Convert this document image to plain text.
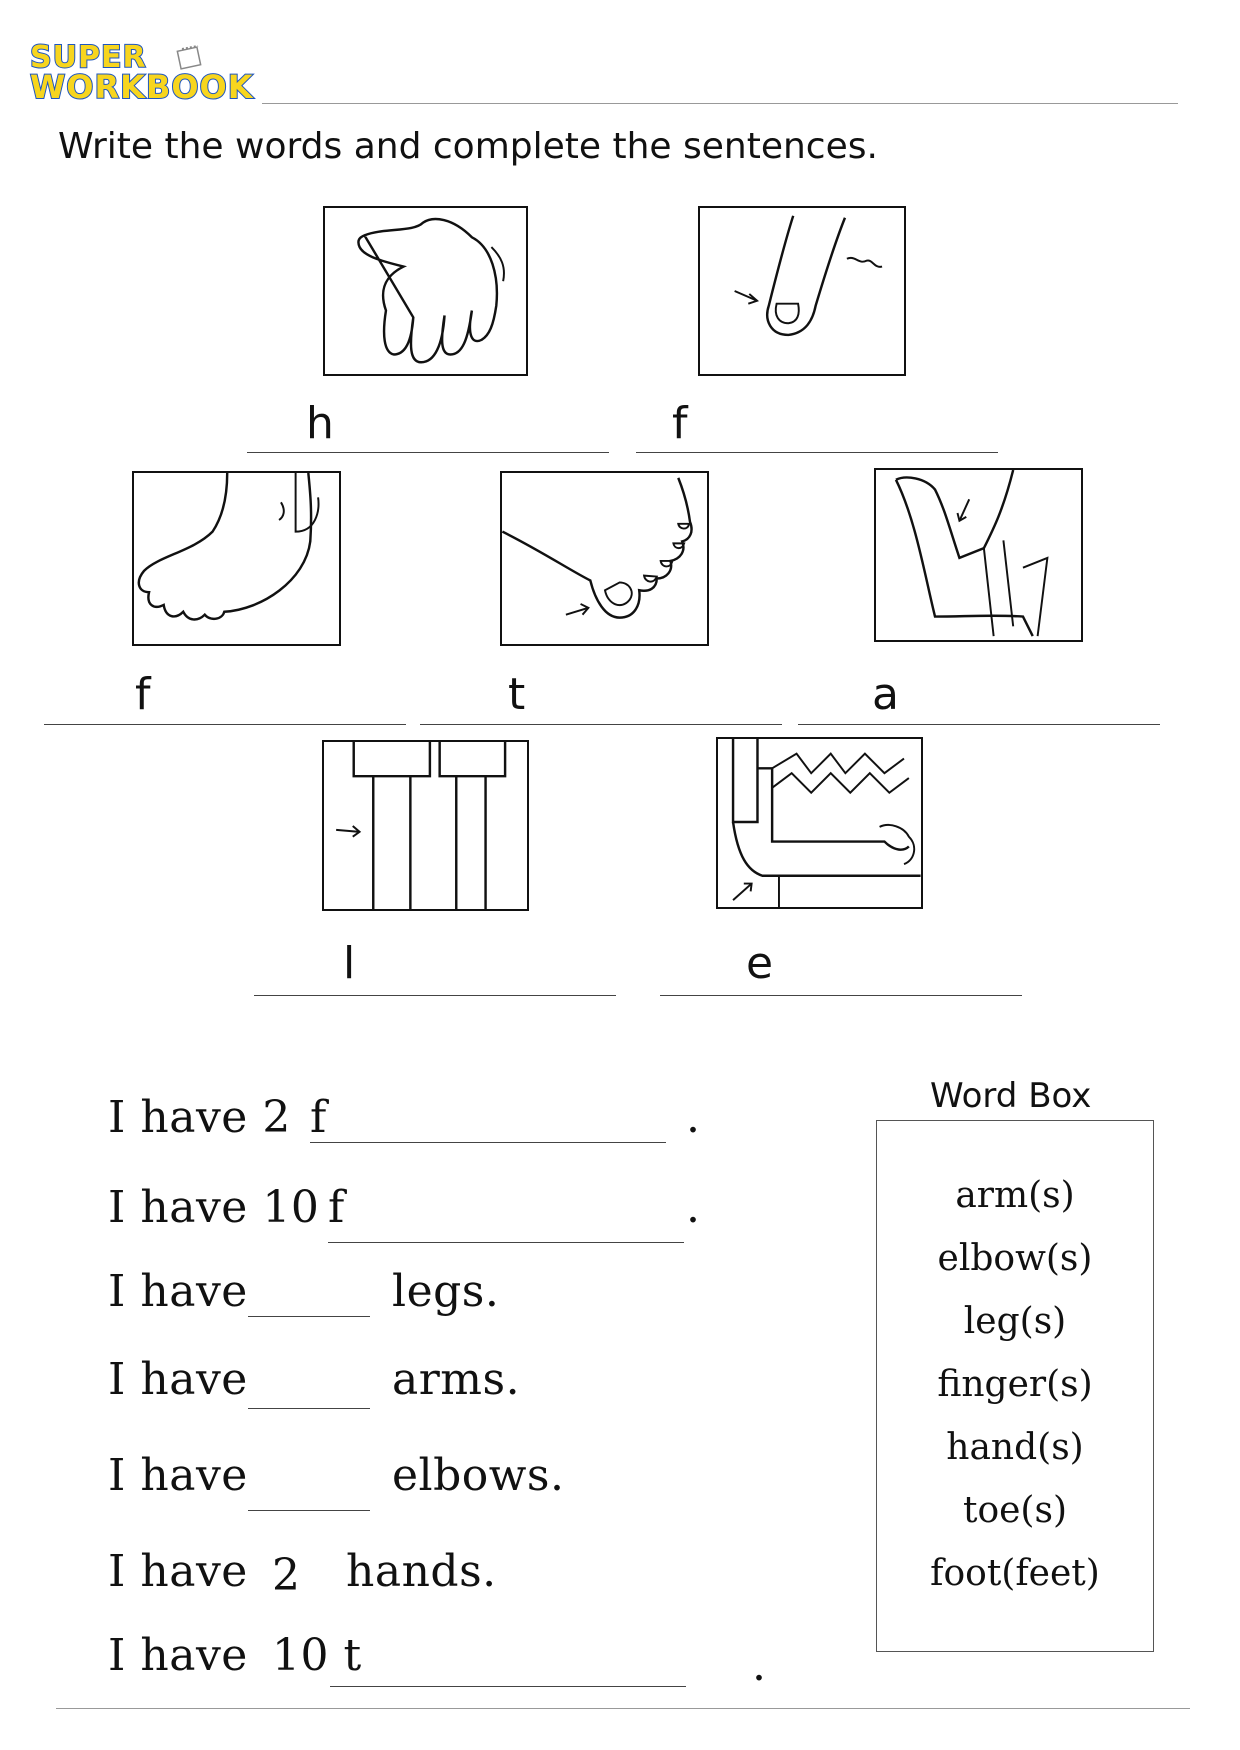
SUPER
WORKBOOK
Write the words and complete the sentences.
h	f
f	t	a
l	e
I have 2 f	.
I have 10 f	.
I have	legs.
I have	arms.
I have	elbows.
I have 2 hands.
I have 10 t	.
Word Box
arm(s)
elbow(s)
leg(s)
finger(s)
hand(s)
toe(s)
foot(feet)
